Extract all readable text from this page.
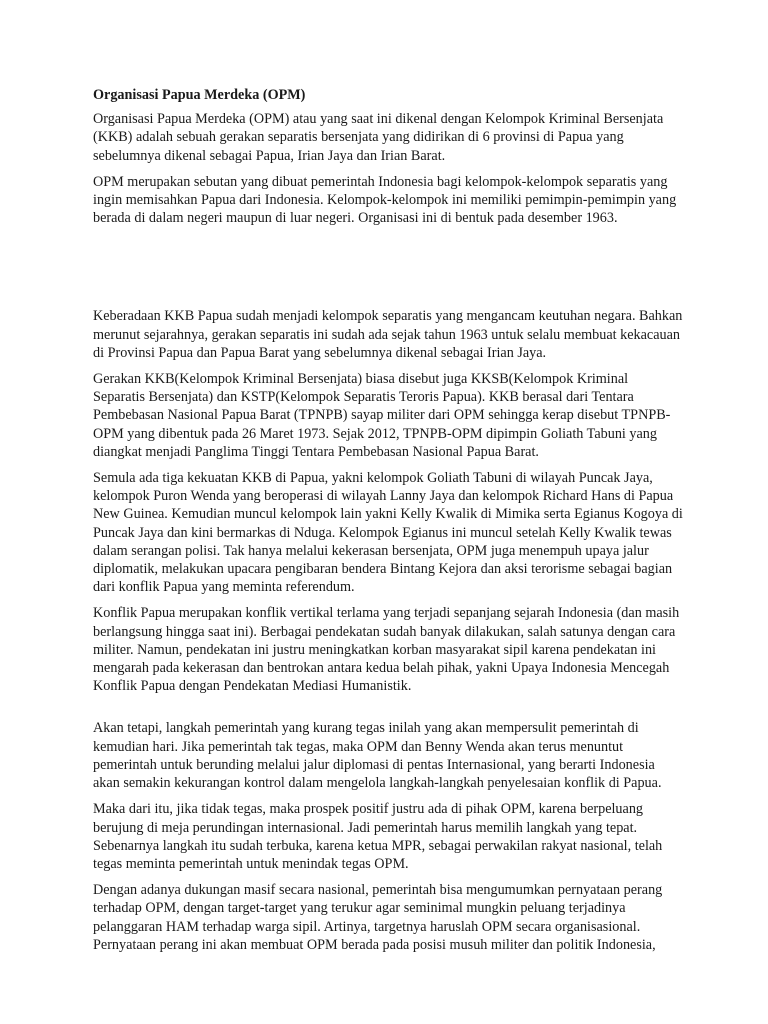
Organisasi Papua Merdeka (OPM)

Organisasi Papua Merdeka (OPM) atau yang saat ini dikenal dengan Kelompok Kriminal Bersenjata (KKB) adalah sebuah gerakan separatis bersenjata yang didirikan di 6 provinsi di Papua yang sebelumnya dikenal sebagai Papua, Irian Jaya dan Irian Barat.

OPM merupakan sebutan yang dibuat pemerintah Indonesia bagi kelompok-kelompok separatis yang ingin memisahkan Papua dari Indonesia. Kelompok-kelompok ini memiliki pemimpin-pemimpin yang berada di dalam negeri maupun di luar negeri. Organisasi ini di bentuk pada desember 1963.

Keberadaan KKB Papua sudah menjadi kelompok separatis yang mengancam keutuhan negara. Bahkan merunut sejarahnya, gerakan separatis ini sudah ada sejak tahun 1963 untuk selalu membuat kekacauan di Provinsi Papua dan Papua Barat yang sebelumnya dikenal sebagai Irian Jaya.

Gerakan KKB(Kelompok Kriminal Bersenjata) biasa disebut juga KKSB(Kelompok Kriminal Separatis Bersenjata) dan KSTP(Kelompok Separatis Teroris Papua). KKB berasal dari Tentara Pembebasan Nasional Papua Barat (TPNPB) sayap militer dari OPM sehingga kerap disebut TPNPB-OPM yang dibentuk pada 26 Maret 1973. Sejak 2012, TPNPB-OPM dipimpin Goliath Tabuni yang diangkat menjadi Panglima Tinggi Tentara Pembebasan Nasional Papua Barat.

Semula ada tiga kekuatan KKB di Papua, yakni kelompok Goliath Tabuni di wilayah Puncak Jaya, kelompok Puron Wenda yang beroperasi di wilayah Lanny Jaya dan kelompok Richard Hans di Papua New Guinea. Kemudian muncul kelompok lain yakni Kelly Kwalik di Mimika serta Egianus Kogoya di Puncak Jaya dan kini bermarkas di Nduga. Kelompok Egianus ini muncul setelah Kelly Kwalik tewas dalam serangan polisi. Tak hanya melalui kekerasan bersenjata, OPM juga menempuh upaya jalur diplomatik, melakukan upacara pengibaran bendera Bintang Kejora dan aksi terorisme sebagai bagian dari konflik Papua yang meminta referendum.

Konflik Papua merupakan konflik vertikal terlama yang terjadi sepanjang sejarah Indonesia (dan masih berlangsung hingga saat ini). Berbagai pendekatan sudah banyak dilakukan, salah satunya dengan cara militer. Namun, pendekatan ini justru meningkatkan korban masyarakat sipil karena pendekatan ini mengarah pada kekerasan dan bentrokan antara kedua belah pihak, yakni Upaya Indonesia Mencegah Konflik Papua dengan Pendekatan Mediasi Humanistik.

Akan tetapi, langkah pemerintah yang kurang tegas inilah yang akan mempersulit pemerintah di kemudian hari. Jika pemerintah tak tegas, maka OPM dan Benny Wenda akan terus menuntut pemerintah untuk berunding melalui jalur diplomasi di pentas Internasional, yang berarti Indonesia akan semakin kekurangan kontrol dalam mengelola langkah-langkah penyelesaian konflik di Papua.

Maka dari itu, jika tidak tegas, maka prospek positif justru ada di pihak OPM, karena berpeluang berujung di meja perundingan internasional. Jadi pemerintah harus memilih langkah yang tepat. Sebenarnya langkah itu sudah terbuka, karena ketua MPR, sebagai perwakilan rakyat nasional, telah tegas meminta pemerintah untuk menindak tegas OPM.

Dengan adanya dukungan masif secara nasional, pemerintah bisa mengumumkan pernyataan perang terhadap OPM, dengan target-target yang terukur agar seminimal mungkin peluang terjadinya pelanggaran HAM terhadap warga sipil. Artinya, targetnya haruslah OPM secara organisasional. Pernyataan perang ini akan membuat OPM berada pada posisi musuh militer dan politik Indonesia,
